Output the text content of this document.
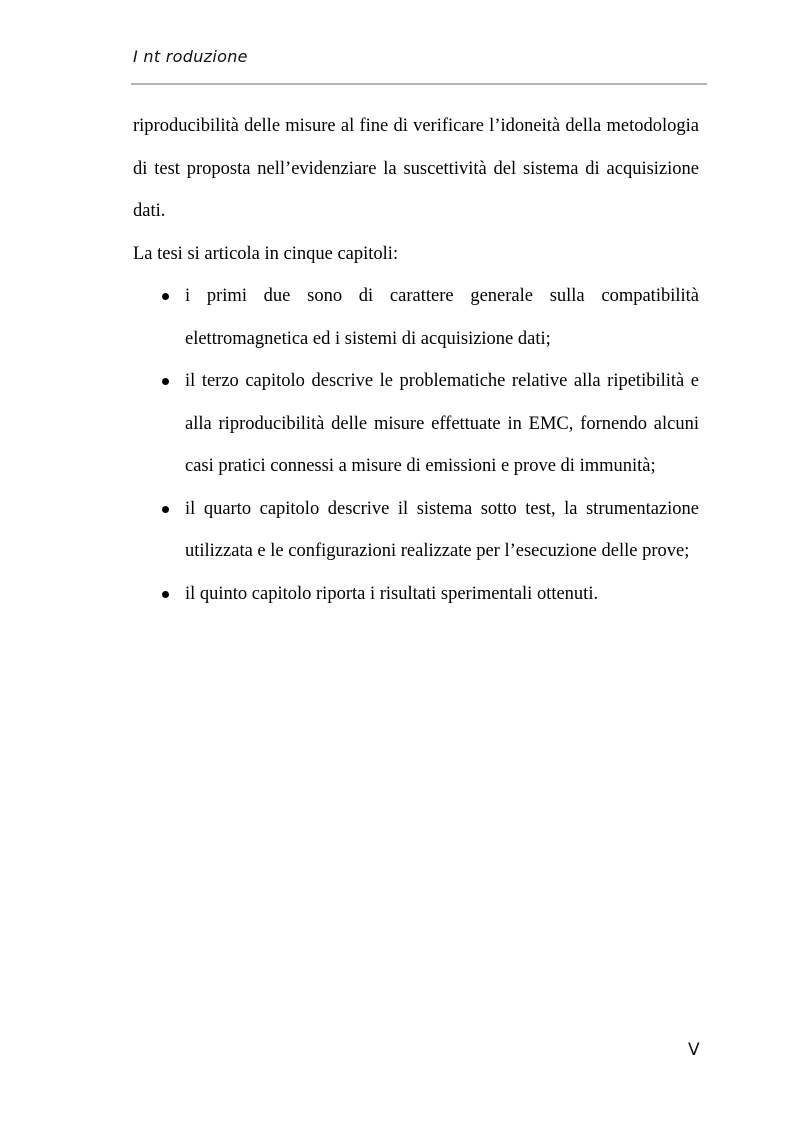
I nt roduzione

riproducibilità delle misure al fine di verificare l’idoneità della metodologia di test proposta nell’evidenziare la suscettività del sistema di acquisizione dati.

La tesi si articola in cinque capitoli:

i primi due sono di carattere generale sulla compatibilità elettromagnetica ed i sistemi di acquisizione dati;
il terzo capitolo descrive le problematiche relative alla ripetibilità e alla riproducibilità delle misure effettuate in EMC, fornendo alcuni casi pratici connessi a misure di emissioni e prove di immunità;
il quarto capitolo descrive il sistema sotto test, la strumentazione utilizzata e le configurazioni realizzate per l’esecuzione delle prove;
il quinto capitolo riporta i risultati sperimentali ottenuti.
V
